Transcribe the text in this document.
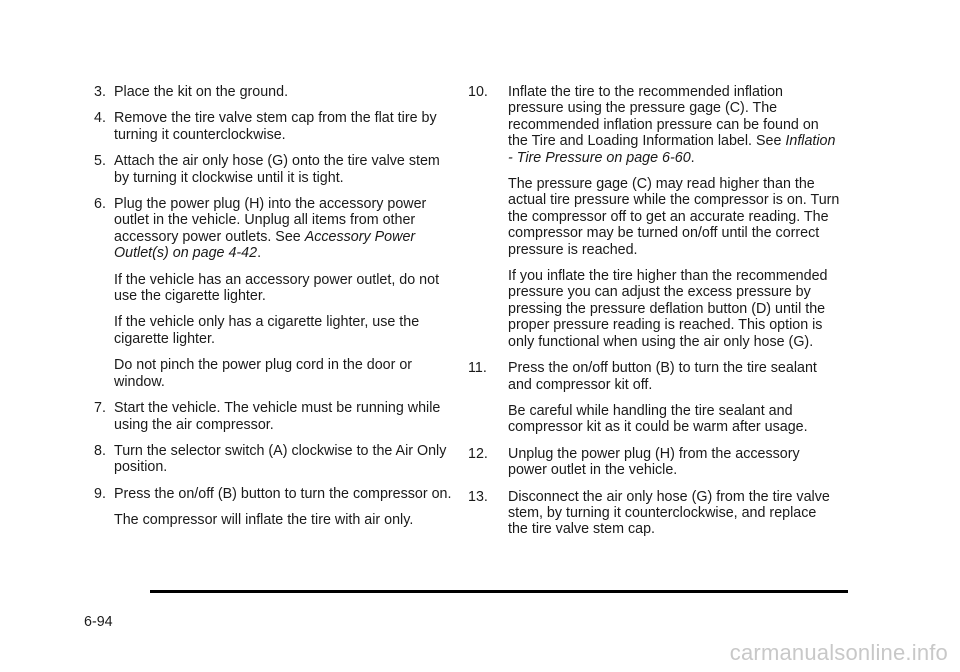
3. Place the kit on the ground.

4. Remove the tire valve stem cap from the flat tire by turning it counterclockwise.

5. Attach the air only hose (G) onto the tire valve stem by turning it clockwise until it is tight.

6. Plug the power plug (H) into the accessory power outlet in the vehicle. Unplug all items from other accessory power outlets. See Accessory Power Outlet(s) on page 4‑42.

If the vehicle has an accessory power outlet, do not use the cigarette lighter.

If the vehicle only has a cigarette lighter, use the cigarette lighter.

Do not pinch the power plug cord in the door or window.

7. Start the vehicle. The vehicle must be running while using the air compressor.

8. Turn the selector switch (A) clockwise to the Air Only position.

9. Press the on/off (B) button to turn the compressor on.

The compressor will inflate the tire with air only.

10. Inflate the tire to the recommended inflation pressure using the pressure gage (C). The recommended inflation pressure can be found on the Tire and Loading Information label. See Inflation ‑ Tire Pressure on page 6‑60.

The pressure gage (C) may read higher than the actual tire pressure while the compressor is on. Turn the compressor off to get an accurate reading. The compressor may be turned on/off until the correct pressure is reached.

If you inflate the tire higher than the recommended pressure you can adjust the excess pressure by pressing the pressure deflation button (D) until the proper pressure reading is reached. This option is only functional when using the air only hose (G).

11. Press the on/off button (B) to turn the tire sealant and compressor kit off.

Be careful while handling the tire sealant and compressor kit as it could be warm after usage.

12. Unplug the power plug (H) from the accessory power outlet in the vehicle.

13. Disconnect the air only hose (G) from the tire valve stem, by turning it counterclockwise, and replace the tire valve stem cap.

6‑94
carmanualsonline.info
